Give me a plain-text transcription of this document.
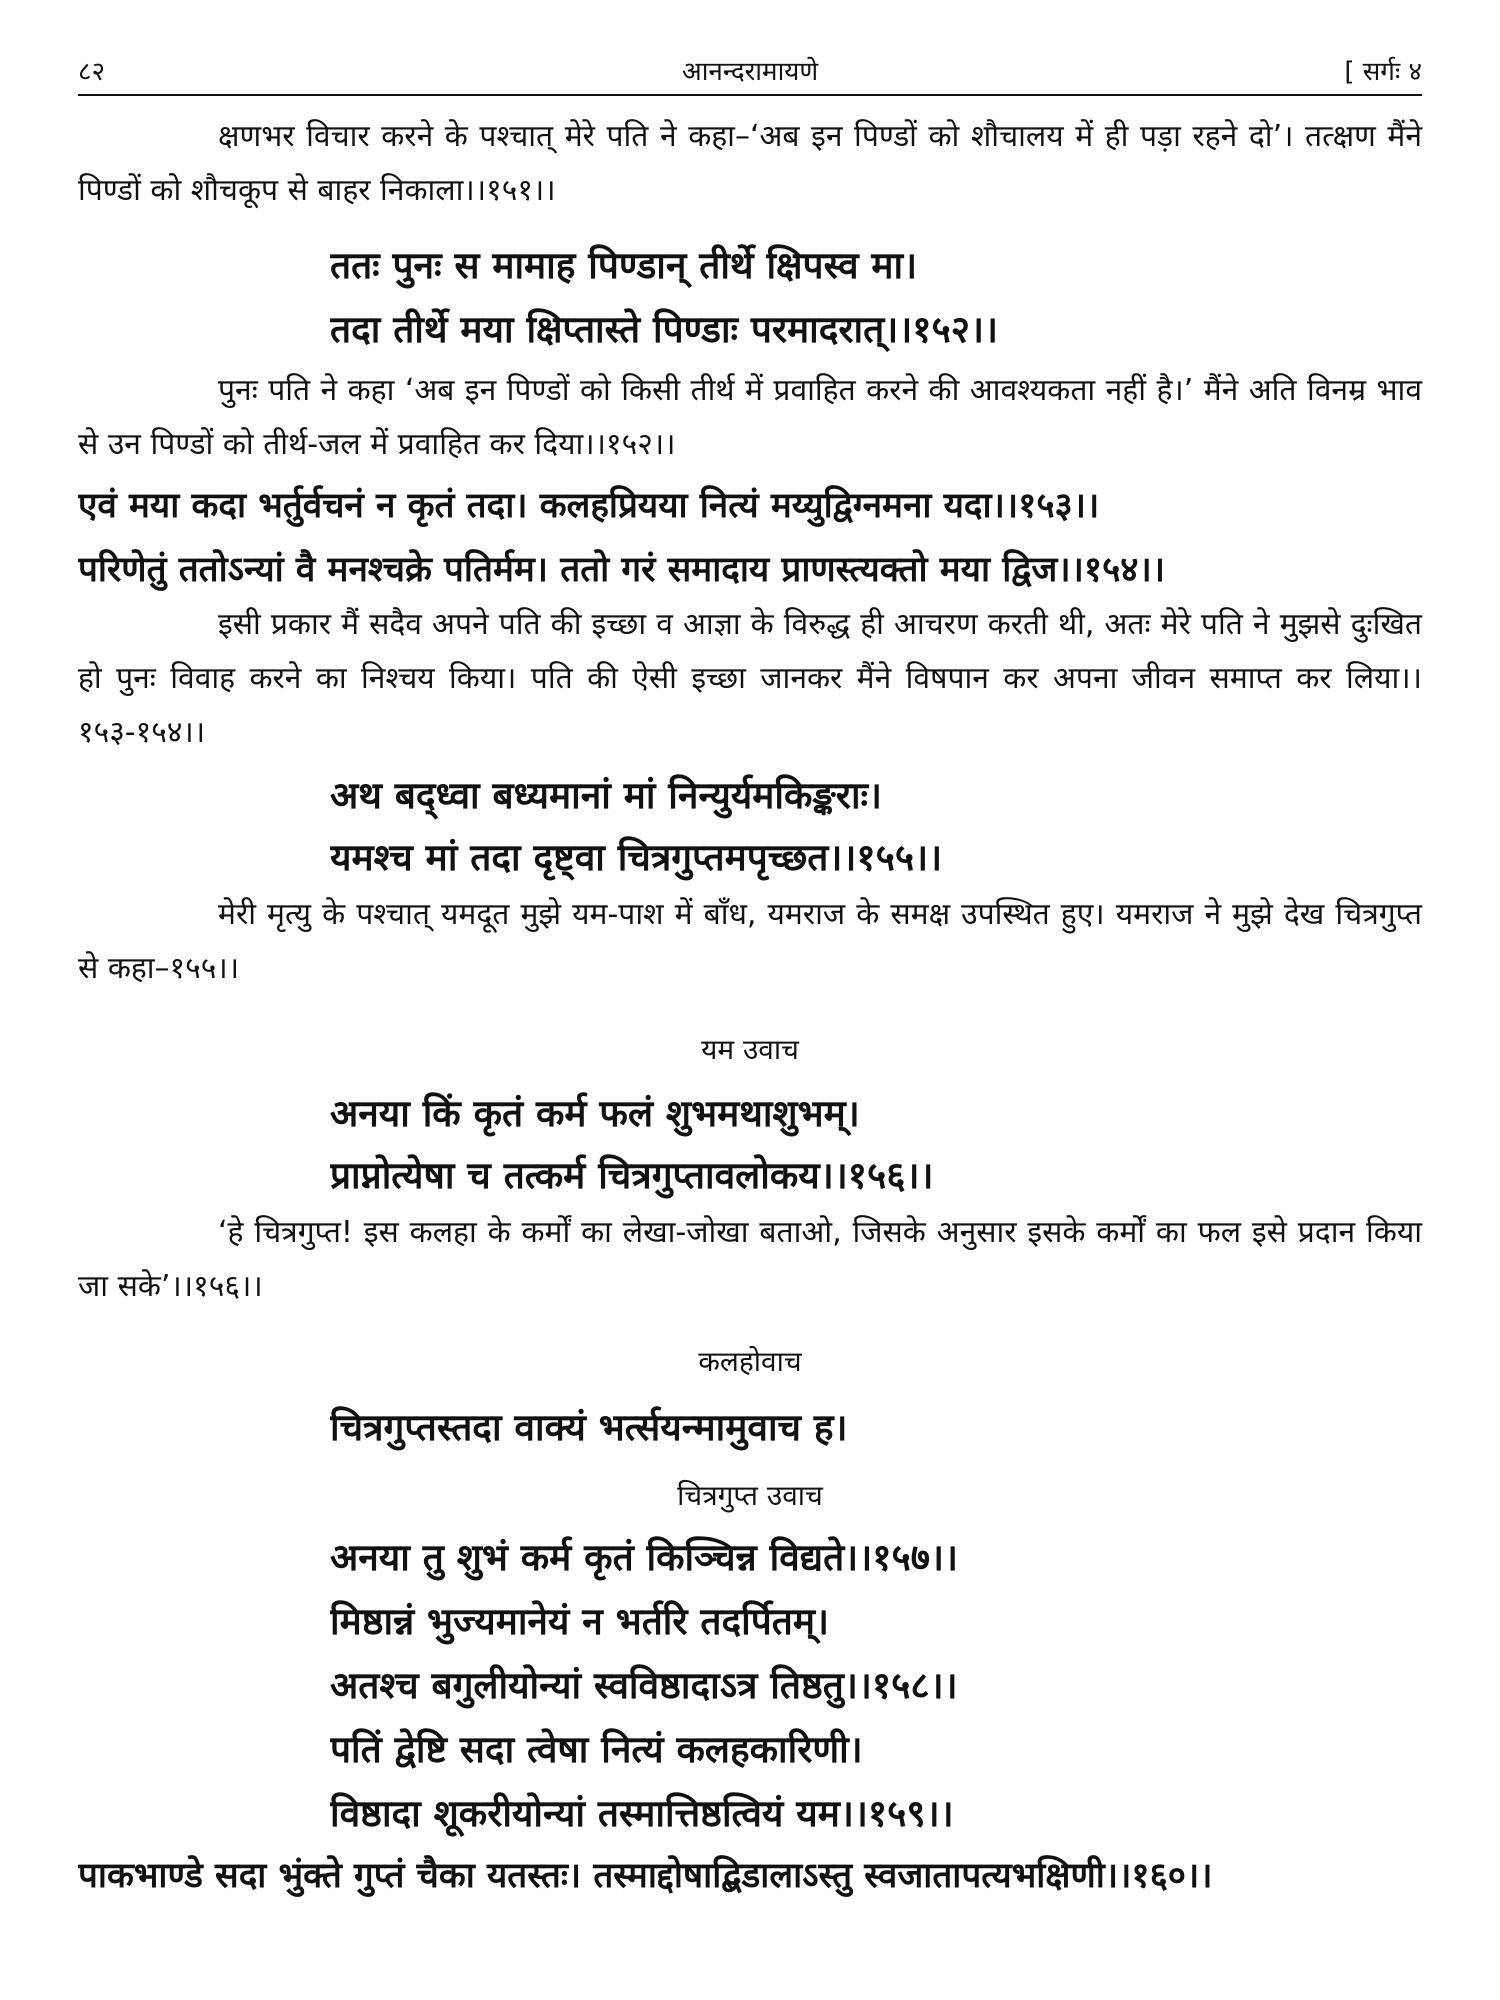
८२	आनन्दरामायणे	[ सर्गः ४
क्षणभर विचार करने के पश्चात् मेरे पति ने कहा–‘अब इन पिण्डों को शौचालय में ही पड़ा रहने दो’। तत्क्षण मैंने पिण्डों को शौचकूप से बाहर निकाला।।१५१।।
ततः पुनः स मामाह पिण्डान् तीर्थे क्षिपस्व मा।
तदा तीर्थे मया क्षिप्तास्ते पिण्डाः परमादरात्।।१५२।।
पुनः पति ने कहा ‘अब इन पिण्डों को किसी तीर्थ में प्रवाहित करने की आवश्यकता नहीं है।’ मैंने अति विनम्र भाव से उन पिण्डों को तीर्थ-जल में प्रवाहित कर दिया।।१५२।।
एवं मया कदा भर्तुर्वचनं न कृतं तदा। कलहप्रियया नित्यं मय्युद्विग्नमना यदा।।१५३।।
परिणेतुं ततोऽन्यां वै मनश्चक्रे पतिर्मम। ततो गरं समादाय प्राणस्त्यक्तो मया द्विज।।१५४।।
इसी प्रकार मैं सदैव अपने पति की इच्छा व आज्ञा के विरुद्ध ही आचरण करती थी, अतः मेरे पति ने मुझसे दुःखित हो पुनः विवाह करने का निश्चय किया। पति की ऐसी इच्छा जानकर मैंने विषपान कर अपना जीवन समाप्त कर लिया।।१५३-१५४।।
अथ बद्ध्वा बध्यमानां मां निन्युर्यमकिङ्कराः।
यमश्च मां तदा दृष्ट्वा चित्रगुप्तमपृच्छत।।१५५।।
मेरी मृत्यु के पश्चात् यमदूत मुझे यम-पाश में बाँध, यमराज के समक्ष उपस्थित हुए। यमराज ने मुझे देख चित्रगुप्त से कहा–१५५।।
यम उवाच
अनया किं कृतं कर्म फलं शुभमथाशुभम्।
प्राप्नोत्येषा च तत्कर्म चित्रगुप्तावलोकय।।१५६।।
‘हे चित्रगुप्त! इस कलहा के कर्मों का लेखा-जोखा बताओ, जिसके अनुसार इसके कर्मों का फल इसे प्रदान किया जा सके’।।१५६।।
कलहोवाच
चित्रगुप्तस्तदा वाक्यं भर्त्सयन्मामुवाच ह।
चित्रगुप्त उवाच
अनया तु शुभं कर्म कृतं किञ्चिन्न विद्यते।।१५७।।
मिष्ठान्नं भुज्यमानेयं न भर्तरि तदर्पितम्।
अतश्च बगुलीयोन्यां स्वविष्ठादाऽत्र तिष्ठतु।।१५८।।
पतिं द्वेष्टि सदा त्वेषा नित्यं कलहकारिणी।
विष्ठादा शूकरीयोन्यां तस्मात्तिष्ठत्वियं यम।।१५९।।
पाकभाण्डे सदा भुंक्ते गुप्तं चैका यतस्तः। तस्माद्दोषाद्बिडालाऽस्तु स्वजातापत्यभक्षिणी।।१६०।।
